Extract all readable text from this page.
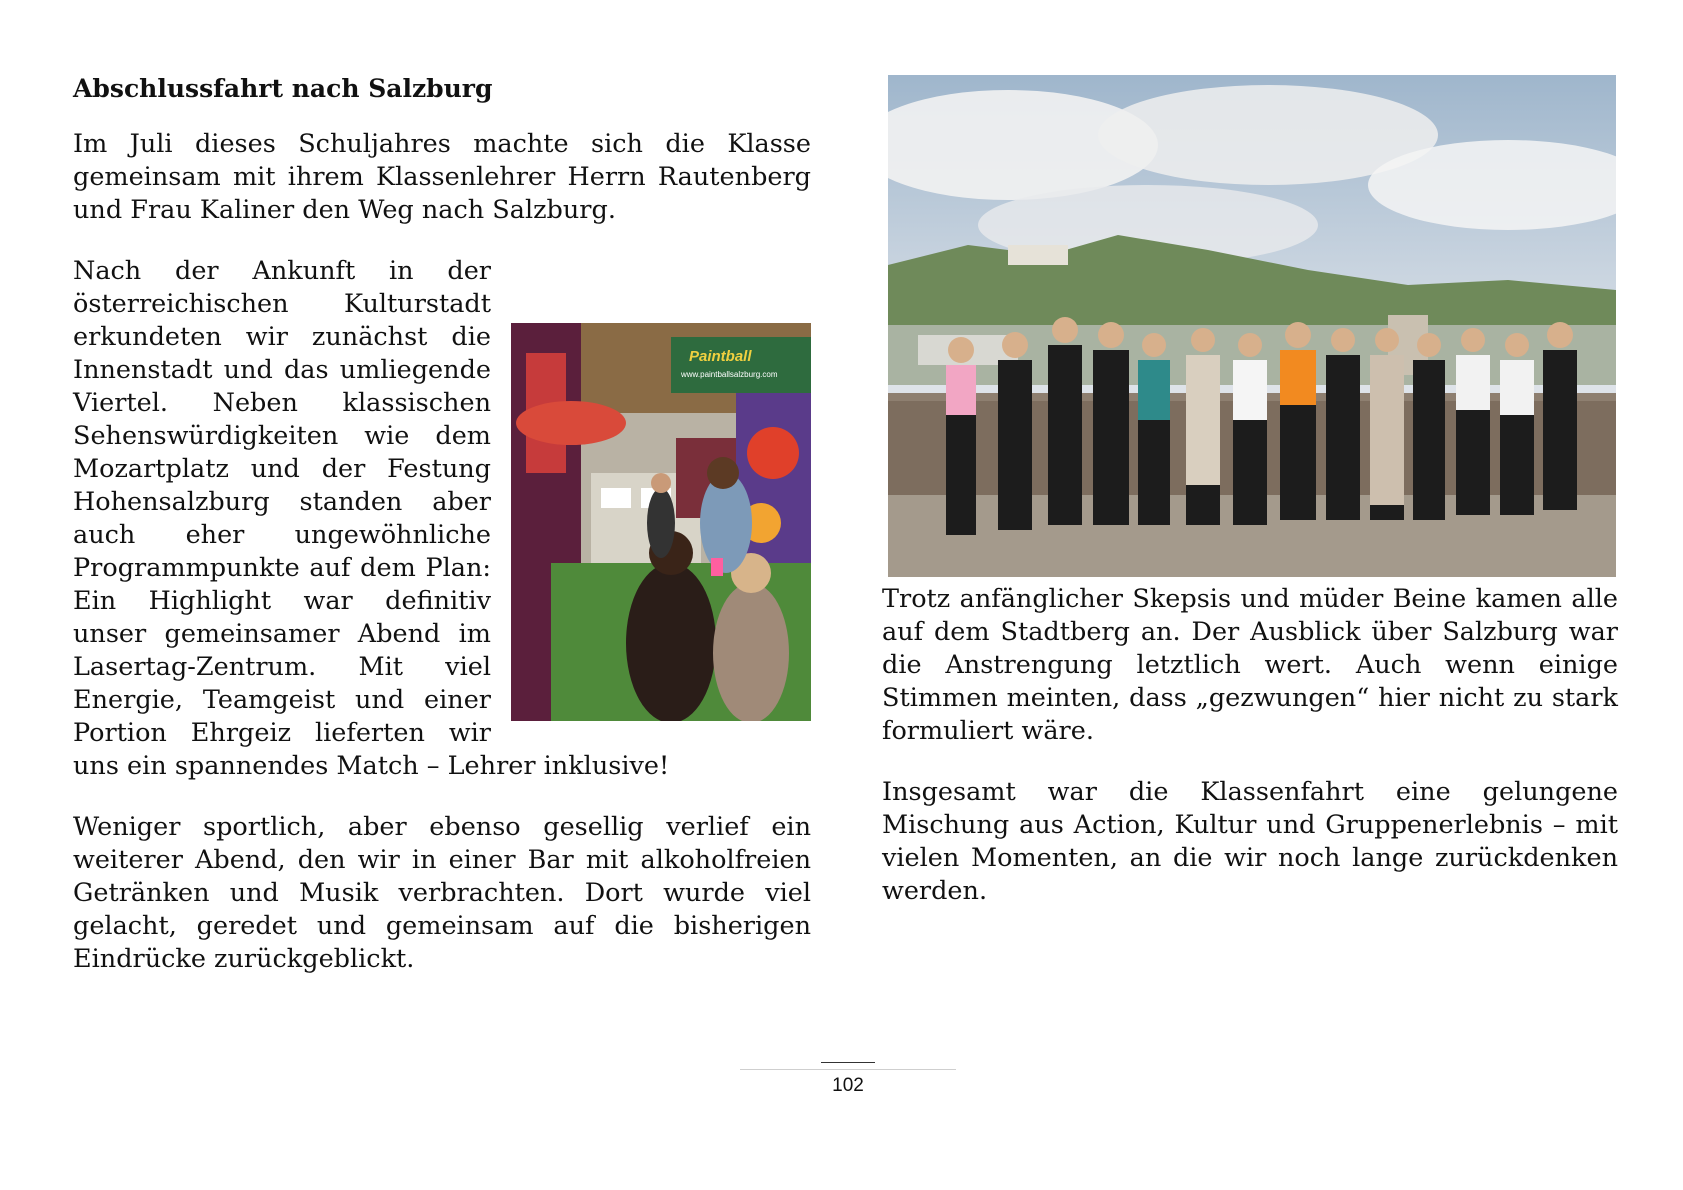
Abschlussfahrt nach Salzburg

Im Juli dieses Schuljahres machte sich die Klasse gemeinsam mit ihrem Klassenlehrer Herrn Rautenberg und Frau Kaliner den Weg nach Salzburg.

Paintball
www.paintballsalzburg.com
Nach der Ankunft in der österreichischen Kulturstadt erkundeten wir zunächst die Innenstadt und das umliegende Viertel. Neben klassischen Sehenswürdigkeiten wie dem Mozartplatz und der Festung Hohensalzburg standen aber auch eher ungewöhnliche Programmpunkte auf dem Plan: Ein Highlight war definitiv unser gemeinsamer Abend im Lasertag-Zentrum. Mit viel Energie, Teamgeist und einer Portion Ehrgeiz lieferten wir uns ein spannendes Match – Lehrer inklusive!

Weniger sportlich, aber ebenso gesellig verlief ein weiterer Abend, den wir in einer Bar mit alkoholfreien Getränken und Musik verbrachten. Dort wurde viel gelacht, geredet und gemeinsam auf die bisherigen Eindrücke zurückgeblickt.

Trotz anfänglicher Skepsis und müder Beine kamen alle auf dem Stadtberg an. Der Ausblick über Salzburg war die Anstrengung letztlich wert. Auch wenn einige Stimmen meinten, dass „gezwungen“ hier nicht zu stark formuliert wäre.

Insgesamt war die Klassenfahrt eine gelungene Mischung aus Action, Kultur und Gruppenerlebnis – mit vielen Momenten, an die wir noch lange zurückdenken werden.

102
